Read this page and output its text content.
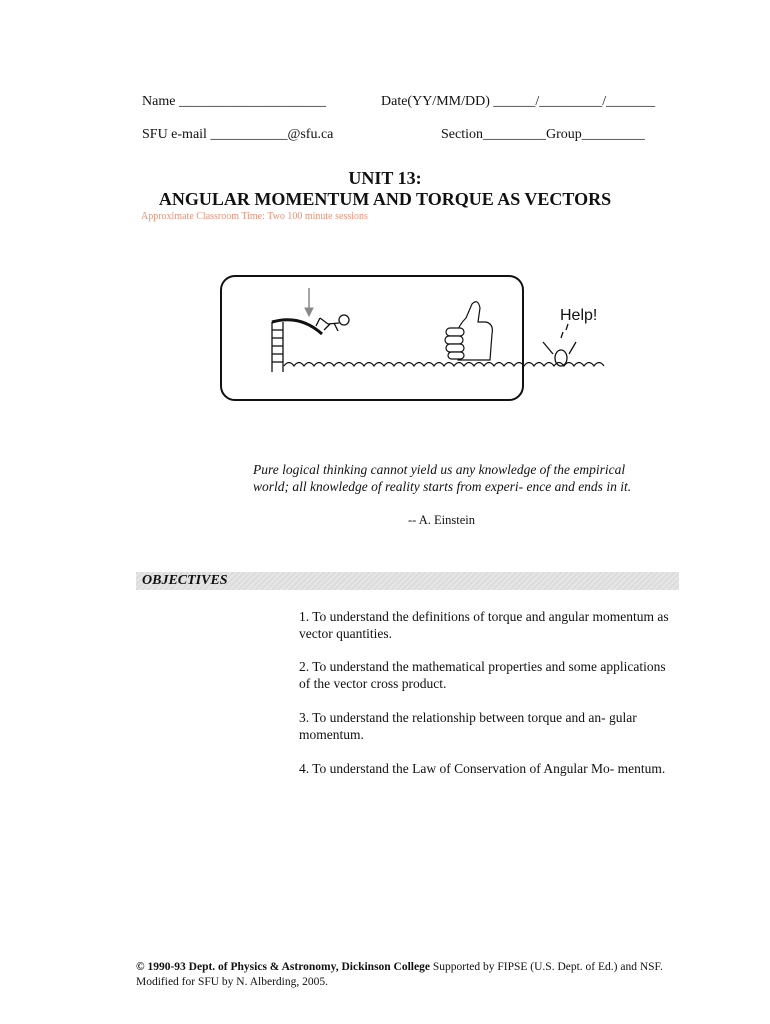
Name _____________________	Date(YY/MM/DD) ______/_________/_______
SFU e-mail ___________@sfu.ca	Section_________Group_________
UNIT 13:
ANGULAR MOMENTUM AND TORQUE AS VECTORS
Approximate Classroom Time: Two 100 minute sessions
Help!
Pure logical thinking cannot yield us any knowledge of the empirical world; all knowledge of reality starts from experi- ence and ends in it.
-- A. Einstein
OBJECTIVES
1. To understand the definitions of torque and angular momentum as vector quantities.
2. To understand the mathematical properties and some applications of the vector cross product.
3. To understand the relationship between torque and an- gular momentum.
4. To understand the Law of Conservation of Angular Mo- mentum.
© 1990-93 Dept. of Physics & Astronomy, Dickinson College Supported by FIPSE (U.S. Dept. of Ed.) and NSF. Modified for SFU by N. Alberding, 2005.
